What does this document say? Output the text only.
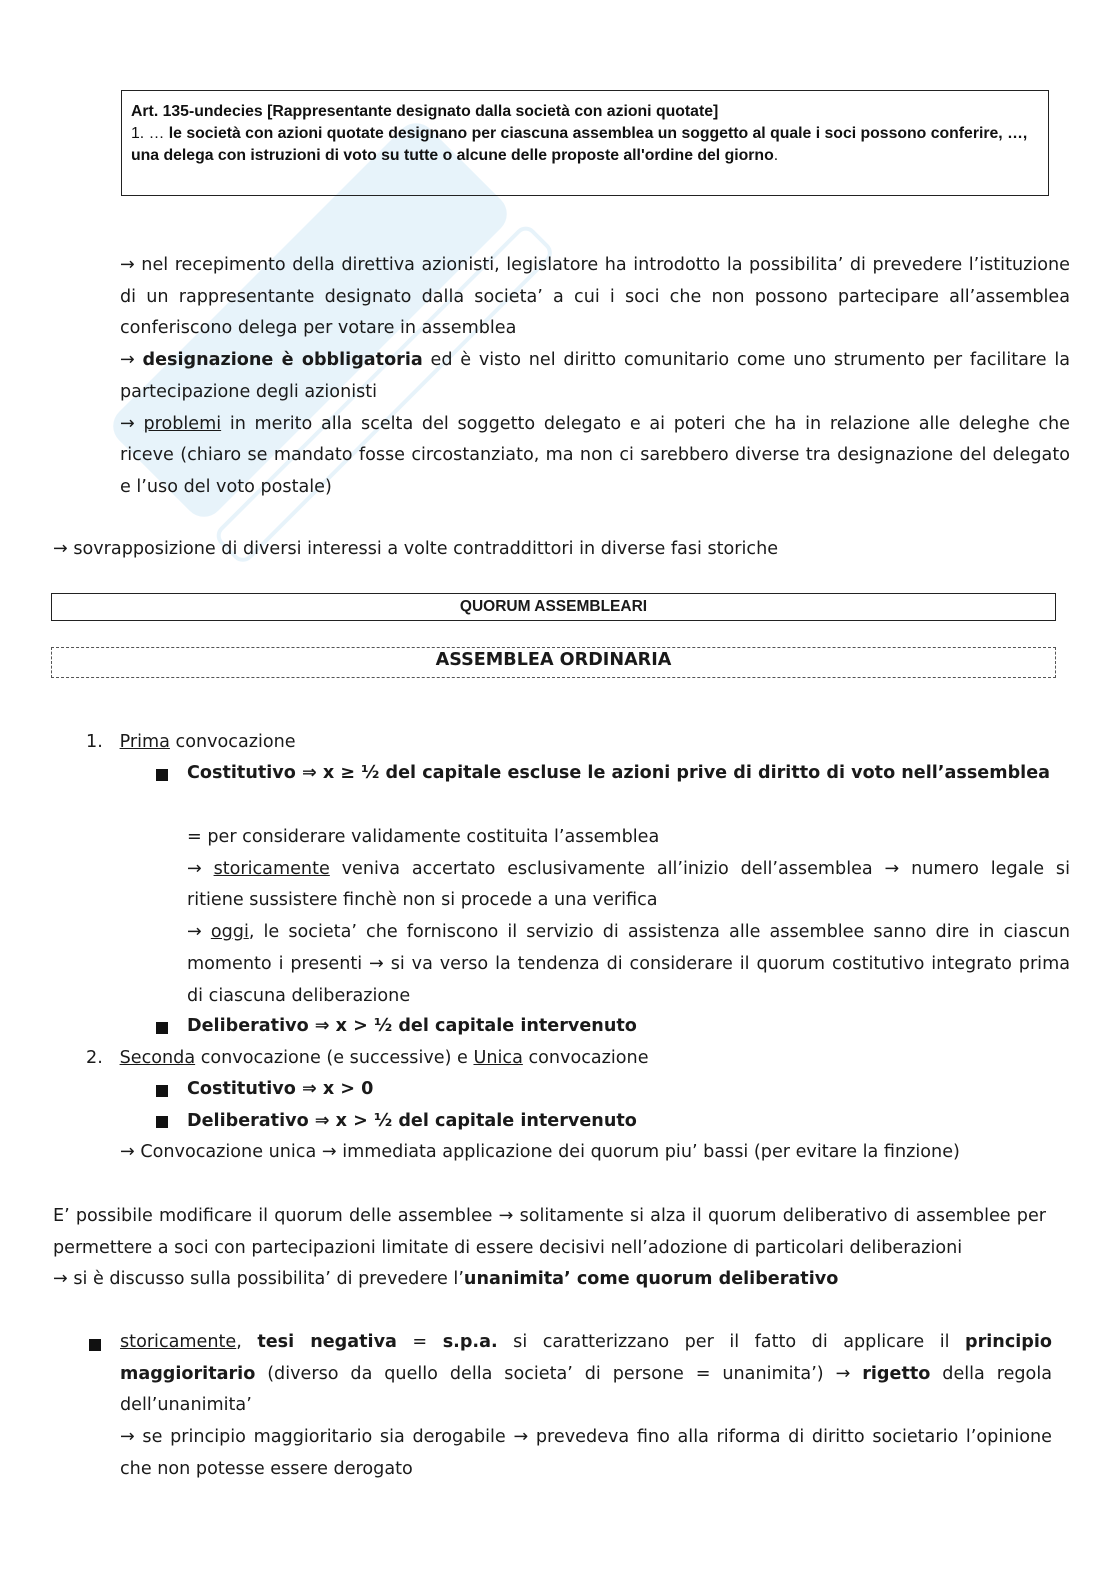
Art. 135-undecies [Rappresentante designato dalla società con azioni quotate]
1. … le società con azioni quotate designano per ciascuna assemblea un soggetto al quale i soci possono conferire, …, una delega con istruzioni di voto su tutte o alcune delle proposte all'ordine del giorno.

→ nel recepimento della direttiva azionisti, legislatore ha introdotto la possibilita’ di prevedere l’istituzione di un rappresentante designato dalla societa’ a cui i soci che non possono partecipare all’assemblea conferiscono delega per votare in assemblea

→ designazione è obbligatoria ed è visto nel diritto comunitario come uno strumento per facilitare la partecipazione degli azionisti

→ problemi in merito alla scelta del soggetto delegato e ai poteri che ha in relazione alle deleghe che riceve (chiaro se mandato fosse circostanziato, ma non ci sarebbero diverse tra designazione del delegato e l’uso del voto postale)

→ sovrapposizione di diversi interessi a volte contraddittori in diverse fasi storiche
QUORUM ASSEMBLEARI
ASSEMBLEA ORDINARIA
1. Prima convocazione
Costitutivo ⇒ x ≥ ½ del capitale escluse le azioni prive di diritto di voto nell’assemblea
= per considerare validamente costituita l’assemblea
→ storicamente veniva accertato esclusivamente all’inizio dell’assemblea → numero legale si ritiene sussistere finchè non si procede a una verifica
→ oggi, le societa’ che forniscono il servizio di assistenza alle assemblee sanno dire in ciascun momento i presenti → si va verso la tendenza di considerare il quorum costitutivo integrato prima di ciascuna deliberazione
Deliberativo ⇒ x > ½ del capitale intervenuto
2. Seconda convocazione (e successive) e Unica convocazione
Costitutivo ⇒ x > 0
Deliberativo ⇒ x > ½ del capitale intervenuto
→ Convocazione unica → immediata applicazione dei quorum piu’ bassi (per evitare la finzione)

E’ possibile modificare il quorum delle assemblee → solitamente si alza il quorum deliberativo di assemblee per permettere a soci con partecipazioni limitate di essere decisivi nell’adozione di particolari deliberazioni

→ si è discusso sulla possibilita’ di prevedere l’unanimita’ come quorum deliberativo

storicamente, tesi negativa = s.p.a. si caratterizzano per il fatto di applicare il principio maggioritario (diverso da quello della societa’ di persone = unanimita’) → rigetto della regola dell’unanimita’
→ se principio maggioritario sia derogabile → prevedeva fino alla riforma di diritto societario l’opinione che non potesse essere derogato
